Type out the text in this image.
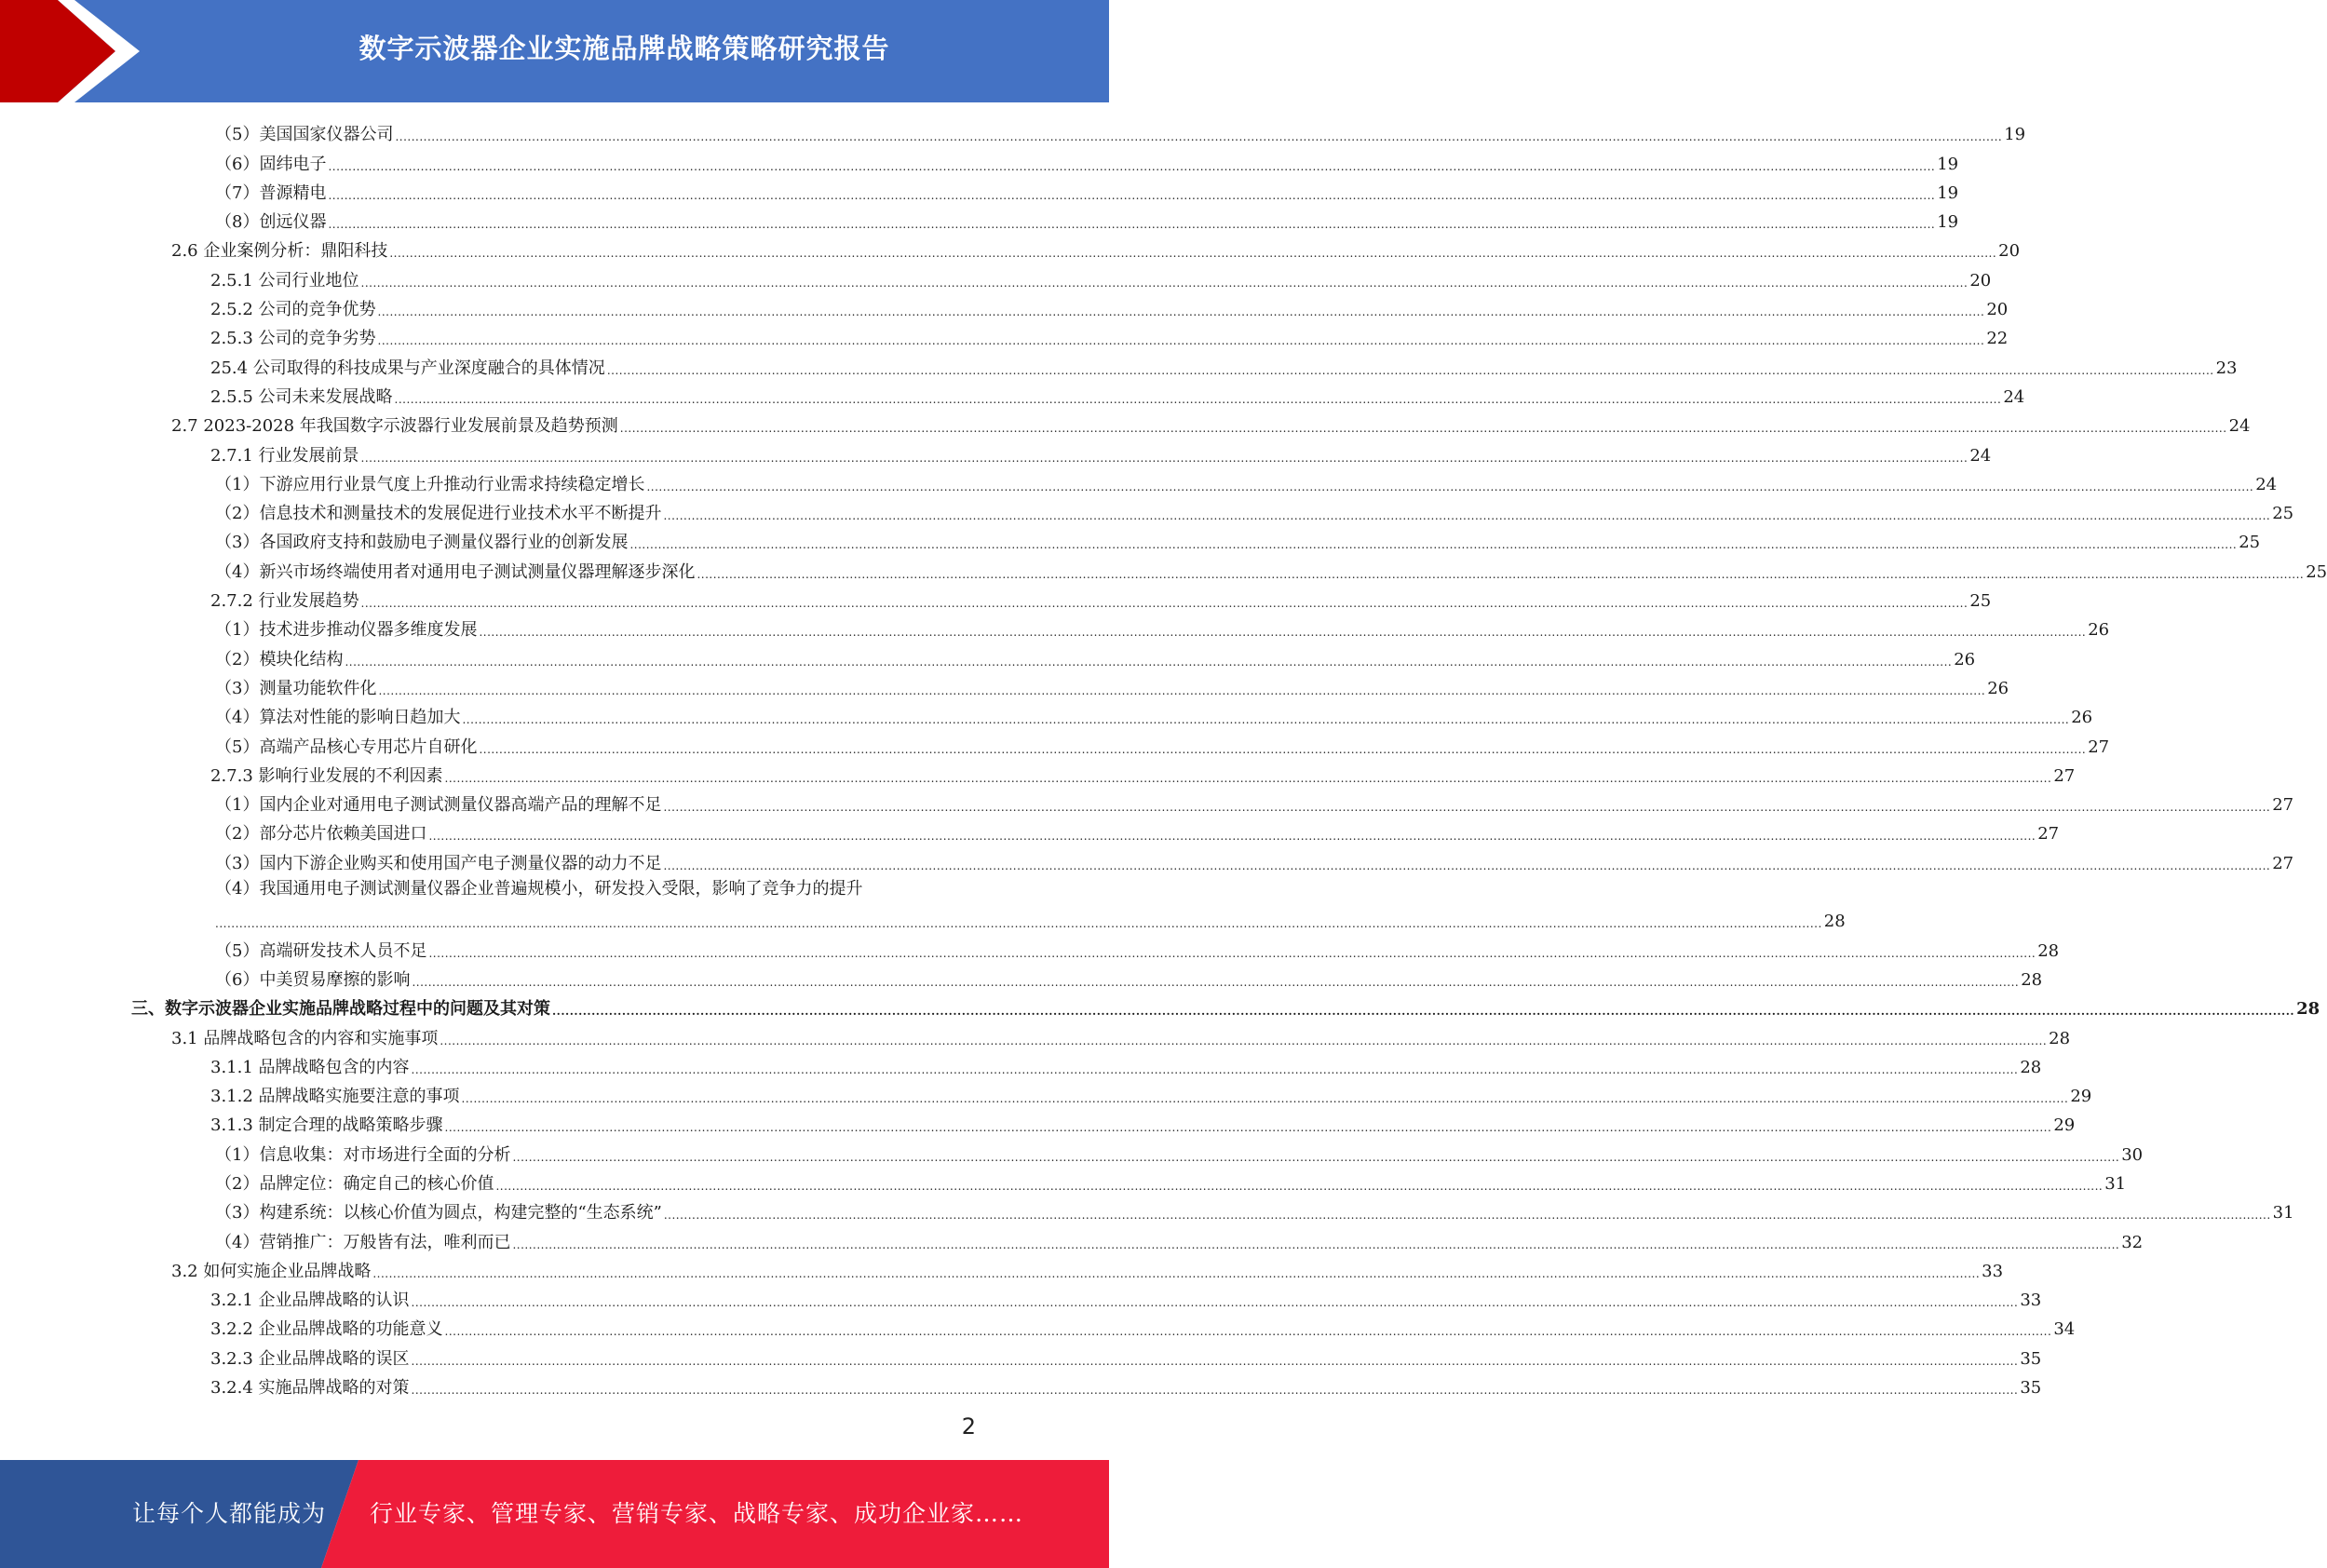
数字示波器企业实施品牌战略策略研究报告
（5）美国国家仪器公司 ................................................................................................................................................................................................................................................................................................................................................................................................................ 19
（6）固纬电子 ................................................................................................................................................................................................................................................................................................................................................................................................................ 19
（7）普源精电 ................................................................................................................................................................................................................................................................................................................................................................................................................ 19
（8）创远仪器 ................................................................................................................................................................................................................................................................................................................................................................................................................ 19
2.6 企业案例分析：鼎阳科技 ................................................................................................................................................................................................................................................................................................................................................................................................................ 20
2.5.1 公司行业地位 ................................................................................................................................................................................................................................................................................................................................................................................................................ 20
2.5.2 公司的竞争优势 ................................................................................................................................................................................................................................................................................................................................................................................................................ 20
2.5.3 公司的竞争劣势 ................................................................................................................................................................................................................................................................................................................................................................................................................ 22
25.4 公司取得的科技成果与产业深度融合的具体情况 ................................................................................................................................................................................................................................................................................................................................................................................................................ 23
2.5.5 公司未来发展战略 ................................................................................................................................................................................................................................................................................................................................................................................................................ 24
2.7 2023-2028 年我国数字示波器行业发展前景及趋势预测 ................................................................................................................................................................................................................................................................................................................................................................................................................ 24
2.7.1 行业发展前景 ................................................................................................................................................................................................................................................................................................................................................................................................................ 24
（1）下游应用行业景气度上升推动行业需求持续稳定增长 ................................................................................................................................................................................................................................................................................................................................................................................................................ 24
（2）信息技术和测量技术的发展促进行业技术水平不断提升 ................................................................................................................................................................................................................................................................................................................................................................................................................ 25
（3）各国政府支持和鼓励电子测量仪器行业的创新发展 ................................................................................................................................................................................................................................................................................................................................................................................................................ 25
（4）新兴市场终端使用者对通用电子测试测量仪器理解逐步深化 ................................................................................................................................................................................................................................................................................................................................................................................................................ 25
2.7.2 行业发展趋势 ................................................................................................................................................................................................................................................................................................................................................................................................................ 25
（1）技术进步推动仪器多维度发展 ................................................................................................................................................................................................................................................................................................................................................................................................................ 26
（2）模块化结构 ................................................................................................................................................................................................................................................................................................................................................................................................................ 26
（3）测量功能软件化 ................................................................................................................................................................................................................................................................................................................................................................................................................ 26
（4）算法对性能的影响日趋加大 ................................................................................................................................................................................................................................................................................................................................................................................................................ 26
（5）高端产品核心专用芯片自研化 ................................................................................................................................................................................................................................................................................................................................................................................................................ 27
2.7.3 影响行业发展的不利因素 ................................................................................................................................................................................................................................................................................................................................................................................................................ 27
（1）国内企业对通用电子测试测量仪器高端产品的理解不足 ................................................................................................................................................................................................................................................................................................................................................................................................................ 27
（2）部分芯片依赖美国进口 ................................................................................................................................................................................................................................................................................................................................................................................................................ 27
（3）国内下游企业购买和使用国产电子测量仪器的动力不足 ................................................................................................................................................................................................................................................................................................................................................................................................................ 27
（4）我国通用电子测试测量仪器企业普遍规模小，研发投入受限，影响了竞争力的提升
................................................................................................................................................................................................................................................................................................................................................................................................................ 28
（5）高端研发技术人员不足 ................................................................................................................................................................................................................................................................................................................................................................................................................ 28
（6）中美贸易摩擦的影响 ................................................................................................................................................................................................................................................................................................................................................................................................................ 28
三、数字示波器企业实施品牌战略过程中的问题及其对策 ................................................................................................................................................................................................................................................................................................................................................................................................................ 28
3.1 品牌战略包含的内容和实施事项 ................................................................................................................................................................................................................................................................................................................................................................................................................ 28
3.1.1 品牌战略包含的内容 ................................................................................................................................................................................................................................................................................................................................................................................................................ 28
3.1.2 品牌战略实施要注意的事项 ................................................................................................................................................................................................................................................................................................................................................................................................................ 29
3.1.3 制定合理的战略策略步骤 ................................................................................................................................................................................................................................................................................................................................................................................................................ 29
（1）信息收集：对市场进行全面的分析 ................................................................................................................................................................................................................................................................................................................................................................................................................ 30
（2）品牌定位：确定自己的核心价值 ................................................................................................................................................................................................................................................................................................................................................................................................................ 31
（3）构建系统：以核心价值为圆点，构建完整的“生态系统” ................................................................................................................................................................................................................................................................................................................................................................................................................ 31
（4）营销推广：万般皆有法，唯利而已 ................................................................................................................................................................................................................................................................................................................................................................................................................ 32
3.2 如何实施企业品牌战略 ................................................................................................................................................................................................................................................................................................................................................................................................................ 33
3.2.1 企业品牌战略的认识 ................................................................................................................................................................................................................................................................................................................................................................................................................ 33
3.2.2 企业品牌战略的功能意义 ................................................................................................................................................................................................................................................................................................................................................................................................................ 34
3.2.3 企业品牌战略的误区 ................................................................................................................................................................................................................................................................................................................................................................................................................ 35
3.2.4 实施品牌战略的对策 ................................................................................................................................................................................................................................................................................................................................................................................................................ 35
2
让每个人都能成为 行业专家、管理专家、营销专家、战略专家、成功企业家……
